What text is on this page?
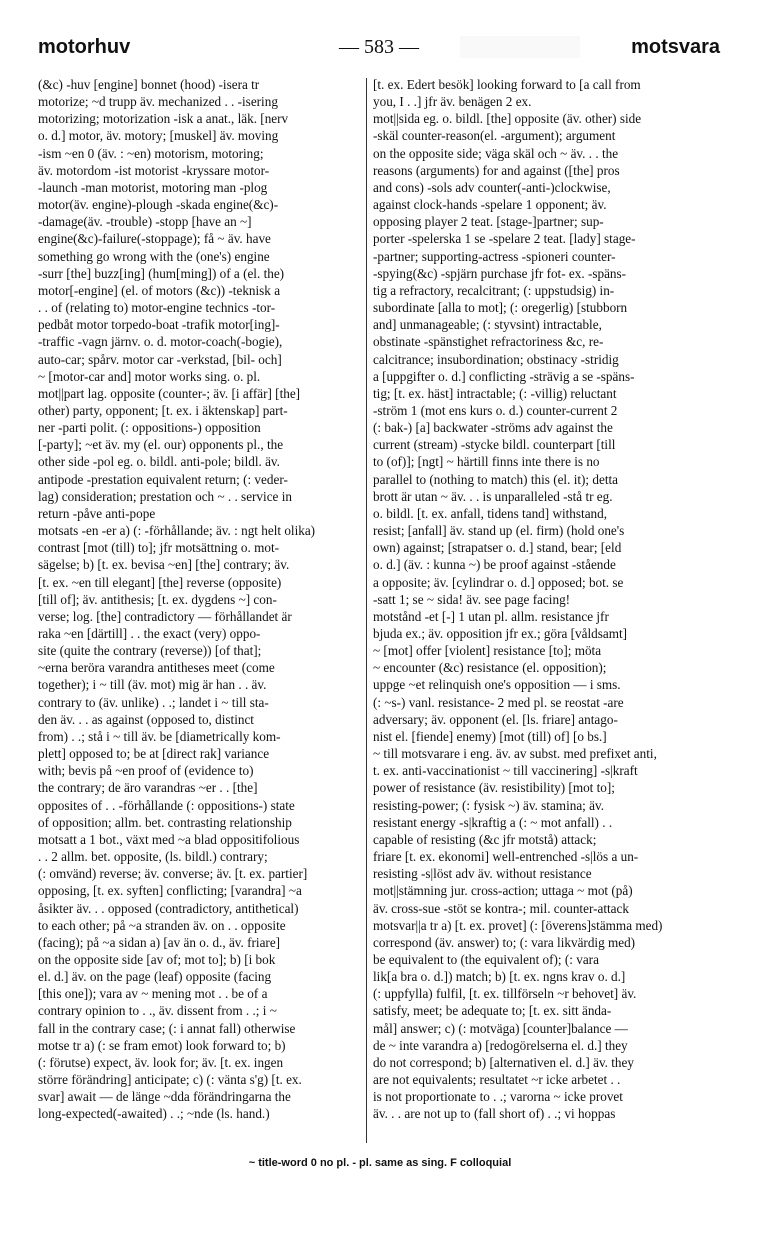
motorhuv	— 583 —	motsvara
(&c) -huv [engine] bonnet (hood) -isera tr
motorize; ~d trupp äv. mechanized . . -isering
motorizing; motorization -isk a anat., läk. [nerv
o. d.] motor, äv. motory; [muskel] äv. moving
-ism ~en 0 (äv. : ~en) motorism, motoring;
äv. motordom -ist motorist -kryssare motor-
-launch -man motorist, motoring man -plog
motor(äv. engine)-plough -skada engine(&c)-
-damage(äv. -trouble) -stopp [have an ~]
engine(&c)-failure(-stoppage); få ~ äv. have
something go wrong with the (one's) engine
-surr [the] buzz[ing] (hum[ming]) of a (el. the)
motor[-engine] (el. of motors (&c)) -teknisk a
. . of (relating to) motor-engine technics -tor-
pedbåt motor torpedo-boat -trafik motor[ing]-
-traffic -vagn järnv. o. d. motor-coach(-bogie),
auto-car; spårv. motor car -verkstad, [bil- och]
~ [motor-car and] motor works sing. o. pl.
mot||part lag. opposite (counter-; äv. [i affär] [the]
other) party, opponent; [t. ex. i äktenskap] part-
ner -parti polit. (: oppositions-) opposition
[-party]; ~et äv. my (el. our) opponents pl., the
other side -pol eg. o. bildl. anti-pole; bildl. äv.
antipode -prestation equivalent return; (: veder-
lag) consideration; prestation och ~ . . service in
return -påve anti-pope
motsats -en -er a) (: -förhållande; äv. : ngt helt olika)
contrast [mot (till) to]; jfr motsättning o. mot-
sägelse; b) [t. ex. bevisa ~en] [the] contrary; äv.
[t. ex. ~en till elegant] [the] reverse (opposite)
[till of]; äv. antithesis; [t. ex. dygdens ~] con-
verse; log. [the] contradictory — förhållandet är
raka ~en [därtill] . . the exact (very) oppo-
site (quite the contrary (reverse)) [of that];
~erna beröra varandra antitheses meet (come
together); i ~ till (äv. mot) mig är han . . äv.
contrary to (äv. unlike) . .; landet i ~ till sta-
den äv. . . as against (opposed to, distinct
from) . .; stå i ~ till äv. be [diametrically kom-
plett] opposed to; be at [direct rak] variance
with; bevis på ~en proof of (evidence to)
the contrary; de äro varandras ~er . . [the]
opposites of . . -förhållande (: oppositions-) state
of opposition; allm. bet. contrasting relationship
motsatt a 1 bot., växt med ~a blad oppositifolious
. . 2 allm. bet. opposite, (ls. bildl.) contrary;
(: omvänd) reverse; äv. converse; äv. [t. ex. partier]
opposing, [t. ex. syften] conflicting; [varandra] ~a
åsikter äv. . . opposed (contradictory, antithetical)
to each other; på ~a stranden äv. on . . opposite
(facing); på ~a sidan a) [av än o. d., äv. friare]
on the opposite side [av of; mot to]; b) [i bok
el. d.] äv. on the page (leaf) opposite (facing
[this one]); vara av ~ mening mot . . be of a
contrary opinion to . ., äv. dissent from . .; i ~
fall in the contrary case; (: i annat fall) otherwise
motse tr a) (: se fram emot) look forward to; b)
(: förutse) expect, äv. look for; äv. [t. ex. ingen
större förändring] anticipate; c) (: vänta s'g) [t. ex.
svar] await — de länge ~dda förändringarna the
long-expected(-awaited) . .; ~nde (ls. hand.)
[t. ex. Edert besök] looking forward to [a call from
you, I . .] jfr äv. benägen 2 ex.
mot||sida eg. o. bildl. [the] opposite (äv. other) side
-skäl counter-reason(el. -argument); argument
on the opposite side; väga skäl och ~ äv. . . the
reasons (arguments) for and against ([the] pros
and cons) -sols adv counter(-anti-)clockwise,
against clock-hands -spelare 1 opponent; äv.
opposing player 2 teat. [stage-]partner; sup-
porter -spelerska 1 se -spelare 2 teat. [lady] stage-
-partner; supporting-actress -spioneri counter-
-spying(&c) -spjärn purchase jfr fot- ex. -späns-
tig a refractory, recalcitrant; (: uppstudsig) in-
subordinate [alla to mot]; (: oregerlig) [stubborn
and] unmanageable; (: styvsint) intractable,
obstinate -spänstighet refractoriness &c, re-
calcitrance; insubordination; obstinacy -stridig
a [uppgifter o. d.] conflicting -strävig a se -späns-
tig; [t. ex. häst] intractable; (: -villig) reluctant
-ström 1 (mot ens kurs o. d.) counter-current 2
(: bak-) [a] backwater -ströms adv against the
current (stream) -stycke bildl. counterpart [till
to (of)]; [ngt] ~ härtill finns inte there is no
parallel to (nothing to match) this (el. it); detta
brott är utan ~ äv. . . is unparalleled -stå tr eg.
o. bildl. [t. ex. anfall, tidens tand] withstand,
resist; [anfall] äv. stand up (el. firm) (hold one's
own) against; [strapatser o. d.] stand, bear; [eld
o. d.] (äv. : kunna ~) be proof against -stående
a opposite; äv. [cylindrar o. d.] opposed; bot. se
-satt 1; se ~ sida! äv. see page facing!
motstånd -et [-] 1 utan pl. allm. resistance jfr
bjuda ex.; äv. opposition jfr ex.; göra [våldsamt]
~ [mot] offer [violent] resistance [to]; möta
~ encounter (&c) resistance (el. opposition);
uppge ~et relinquish one's opposition — i sms.
(: ~s-) vanl. resistance- 2 med pl. se reostat -are
adversary; äv. opponent (el. [ls. friare] antago-
nist el. [fiende] enemy) [mot (till) of] [o bs.]
~ till motsvarare i eng. äv. av subst. med prefixet anti,
t. ex. anti-vaccinationist ~ till vaccinering] -s|kraft
power of resistance (äv. resistibility) [mot to];
resisting-power; (: fysisk ~) äv. stamina; äv.
resistant energy -s|kraftig a (: ~ mot anfall) . .
capable of resisting (&c jfr motstå) attack;
friare [t. ex. ekonomi] well-entrenched -s|lös a un-
resisting -s|löst adv äv. without resistance
mot||stämning jur. cross-action; uttaga ~ mot (på)
äv. cross-sue -stöt se kontra-; mil. counter-attack
motsvar||a tr a) [t. ex. provet] (: [överens]stämma med)
correspond (äv. answer) to; (: vara likvärdig med)
be equivalent to (the equivalent of); (: vara
lik[a bra o. d.]) match; b) [t. ex. ngns krav o. d.]
(: uppfylla) fulfil, [t. ex. tillförseln ~r behovet] äv.
satisfy, meet; be adequate to; [t. ex. sitt ända-
mål] answer; c) (: motväga) [counter]balance —
de ~ inte varandra a) [redogörelserna el. d.] they
do not correspond; b) [alternativen el. d.] äv. they
are not equivalents; resultatet ~r icke arbetet . .
is not proportionate to . .; varorna ~ icke provet
äv. . . are not up to (fall short of) . .; vi hoppas
~ title-word 0 no pl. - pl. same as sing. F colloquial
